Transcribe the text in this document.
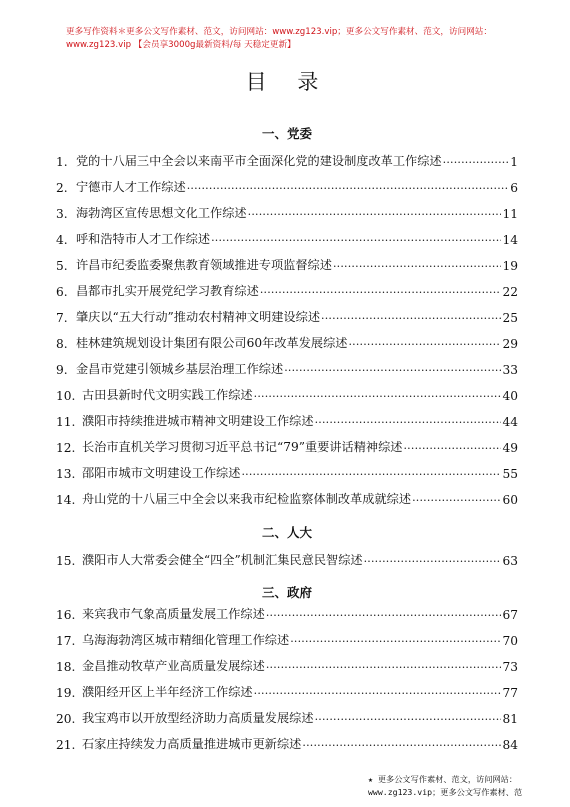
更多写作资料＊更多公文写作素材、范文，访问网站：www.zg123.vip；更多公文写作素材、范文，访问网站：
www.zg123.vip 【会员享3000g最新资料/每 天稳定更新】
目 录
一、党委
1. 党的十八届三中全会以来南平市全面深化党的建设制度改革工作综述 ·····	1
2. 宁德市人才工作综述 ·····	6
3. 海勃湾区宣传思想文化工作综述 ·····	11
4. 呼和浩特市人才工作综述 ·····	14
5. 许昌市纪委监委聚焦教育领域推进专项监督综述 ·····	19
6. 昌都市扎实开展党纪学习教育综述 ·····	22
7. 肇庆以“五大行动”推动农村精神文明建设综述 ·····	25
8. 桂林建筑规划设计集团有限公司60年改革发展综述 ·····	29
9. 金昌市党建引领城乡基层治理工作综述 ·····	33
10. 古田县新时代文明实践工作综述 ·····	40
11. 濮阳市持续推进城市精神文明建设工作综述 ·····	44
12. 长治市直机关学习贯彻习近平总书记“79”重要讲话精神综述 ·····	49
13. 邵阳市城市文明建设工作综述 ·····	55
14. 舟山党的十八届三中全会以来我市纪检监察体制改革成就综述 ·····	60
二、人大
15. 濮阳市人大常委会健全“四全”机制汇集民意民智综述 ·····	63
三、政府
16. 来宾我市气象高质量发展工作综述 ·····	67
17. 乌海海勃湾区城市精细化管理工作综述 ·····	70
18. 金昌推动牧草产业高质量发展综述 ·····	73
19. 濮阳经开区上半年经济工作综述 ·····	77
20. 我宝鸡市以开放型经济助力高质量发展综述 ·····	81
21. 石家庄持续发力高质量推进城市更新综述 ·····	84
★ 更多公文写作素材、范文，访问网站：
www.zg123.vip；更多公文写作素材、范
